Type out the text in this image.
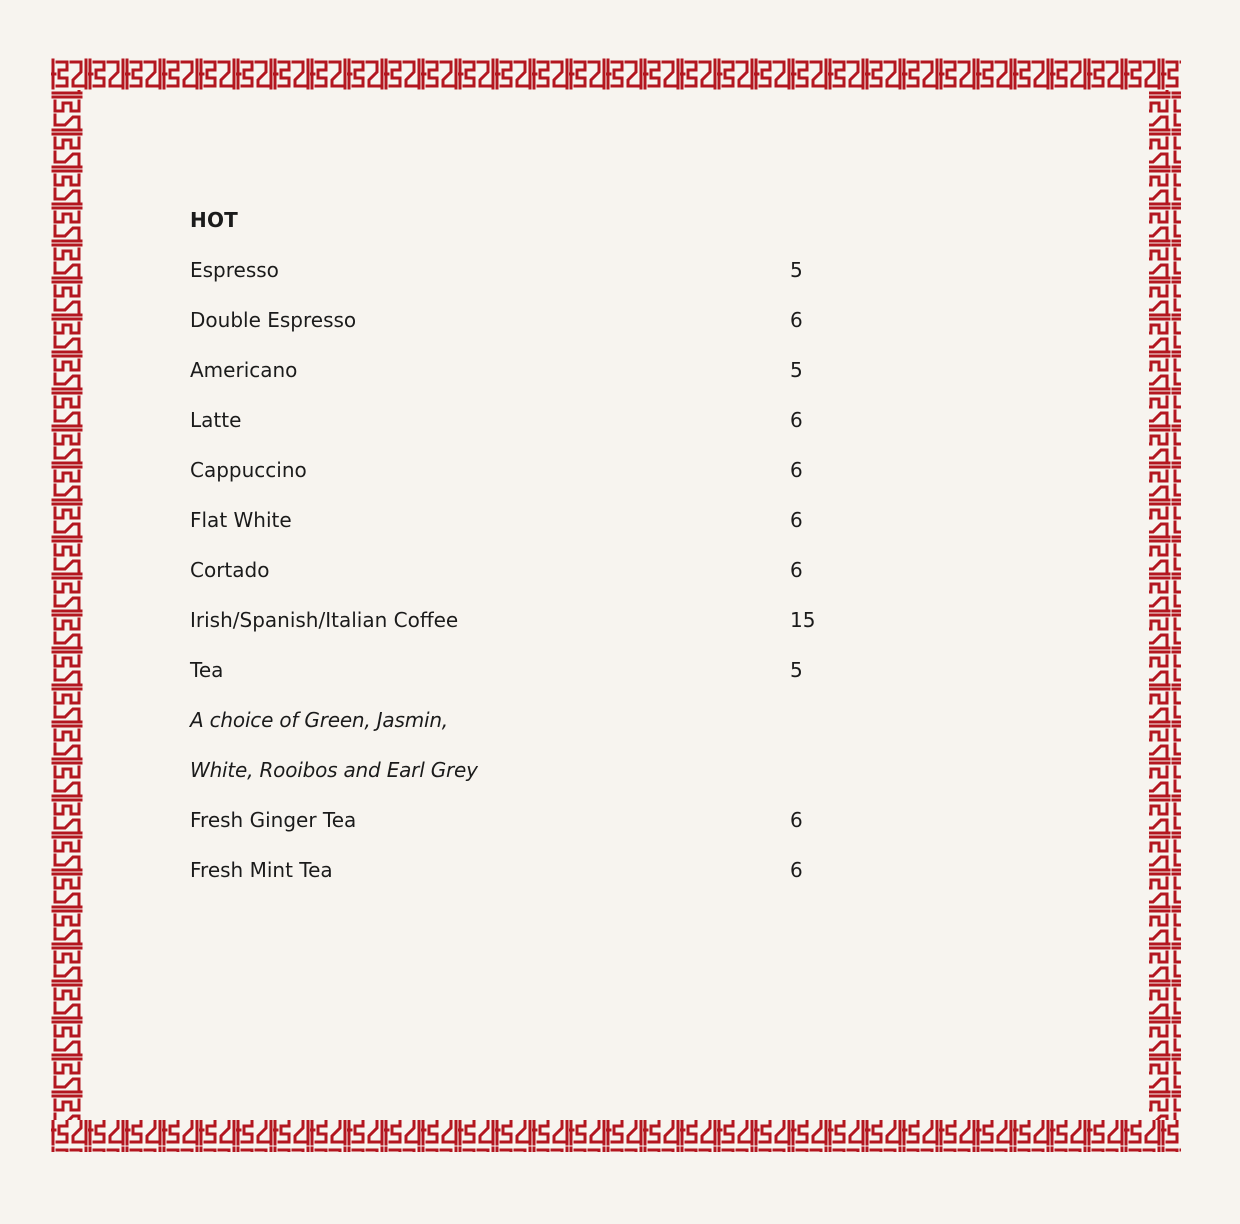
HOT
Espresso	5
Double Espresso	6
Americano	5
Latte	6
Cappuccino	6
Flat White	6
Cortado	6
Irish/Spanish/Italian Coffee	15
Tea	5
A choice of Green, Jasmin,
White, Rooibos and Earl Grey
Fresh Ginger Tea	6
Fresh Mint Tea	6
